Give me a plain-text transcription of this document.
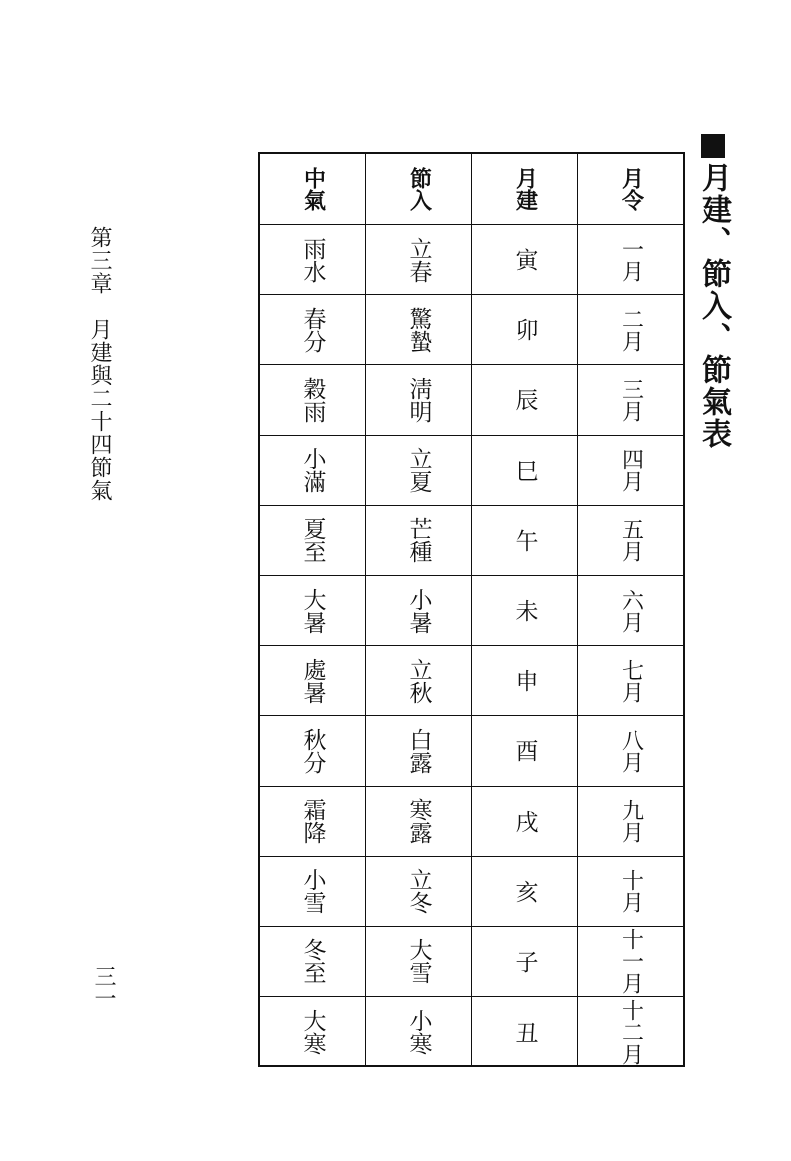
月建、節入、節氣表
第三章　月建與二十四節氣
三一
月令
一月
二月
三月
四月
五月
六月
七月
八月
九月
十月
十一月
十二月
月建
寅
卯
辰
巳
午
未
申
酉
戌
亥
子
丑
節入
立春
驚蟄
淸明
立夏
芒種
小暑
立秋
白露
寒露
立冬
大雪
小寒
中氣
雨水
春分
穀雨
小滿
夏至
大暑
處暑
秋分
霜降
小雪
冬至
大寒
